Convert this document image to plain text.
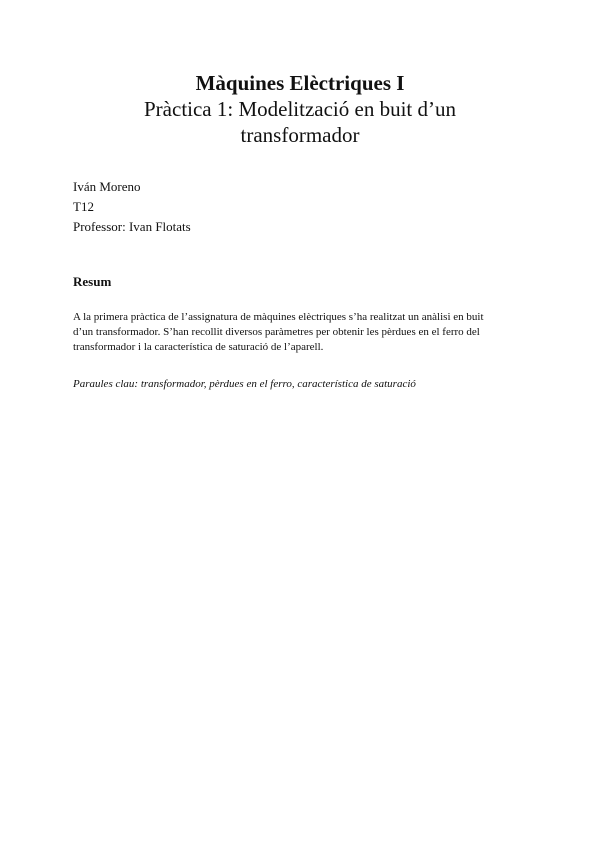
Màquines Elèctriques I
Pràctica 1: Modelització en buit d’un
transformador
Iván Moreno
T12
Professor: Ivan Flotats
Resum
A la primera pràctica de l’assignatura de màquines elèctriques s’ha realitzat un anàlisi en buit
d’un transformador. S’han recollit diversos paràmetres per obtenir les pèrdues en el ferro del
transformador i la característica de saturació de l’aparell.
Paraules clau: transformador, pèrdues en el ferro, característica de saturació
